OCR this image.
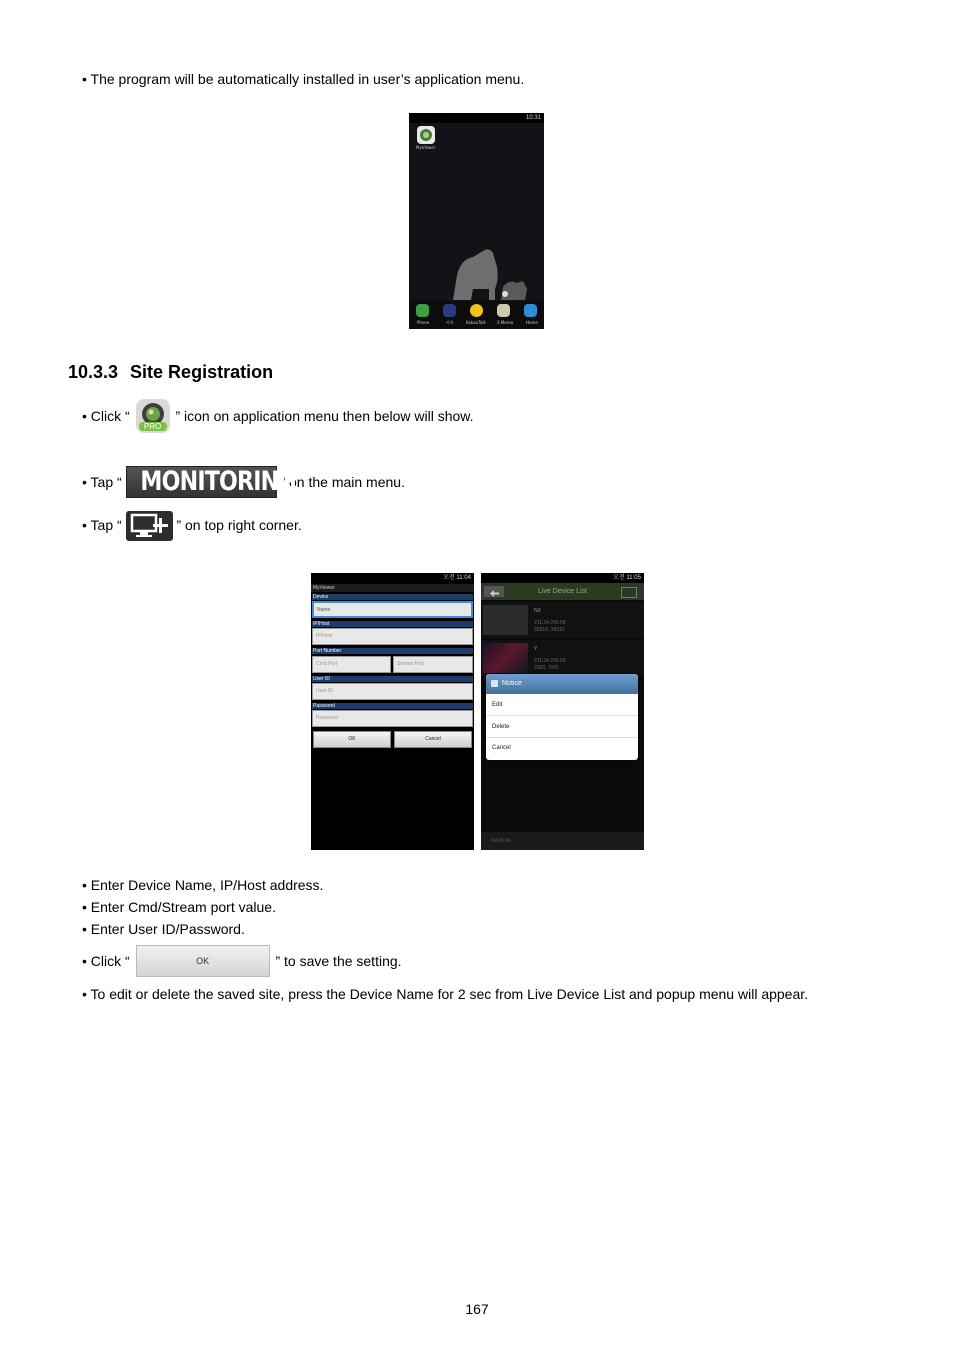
• The program will be automatically installed in user’s application menu.
10:31
MyViewer
Phone	카톡	KakaoTalk	S Memo	Home
10.3.3 Site Registration
• Click “
PRO
” icon on application menu then below will show.
• Tap “ MONITORING
” on the main menu.
• Tap “	” on top right corner.
오전 11:04
MyViewer
Device
Name
IP/Host
IP/Host
Port Number
Cmd Port	Stream Port
User ID
User ID
Password
Password
OK	Cancel
오전 11:05
Live Device List
NX
211.34.200.68
30010, 30010
Y
211.34.200.68
7000, 7001
Notice
Edit
Delete
Cancel
MANUAL
• Enter Device Name, IP/Host address.
• Enter Cmd/Stream port value.
• Enter User ID/Password.
• Click “	OK	” to save the setting.
• To edit or delete the saved site, press the Device Name for 2 sec from Live Device List and popup menu will appear.
167
